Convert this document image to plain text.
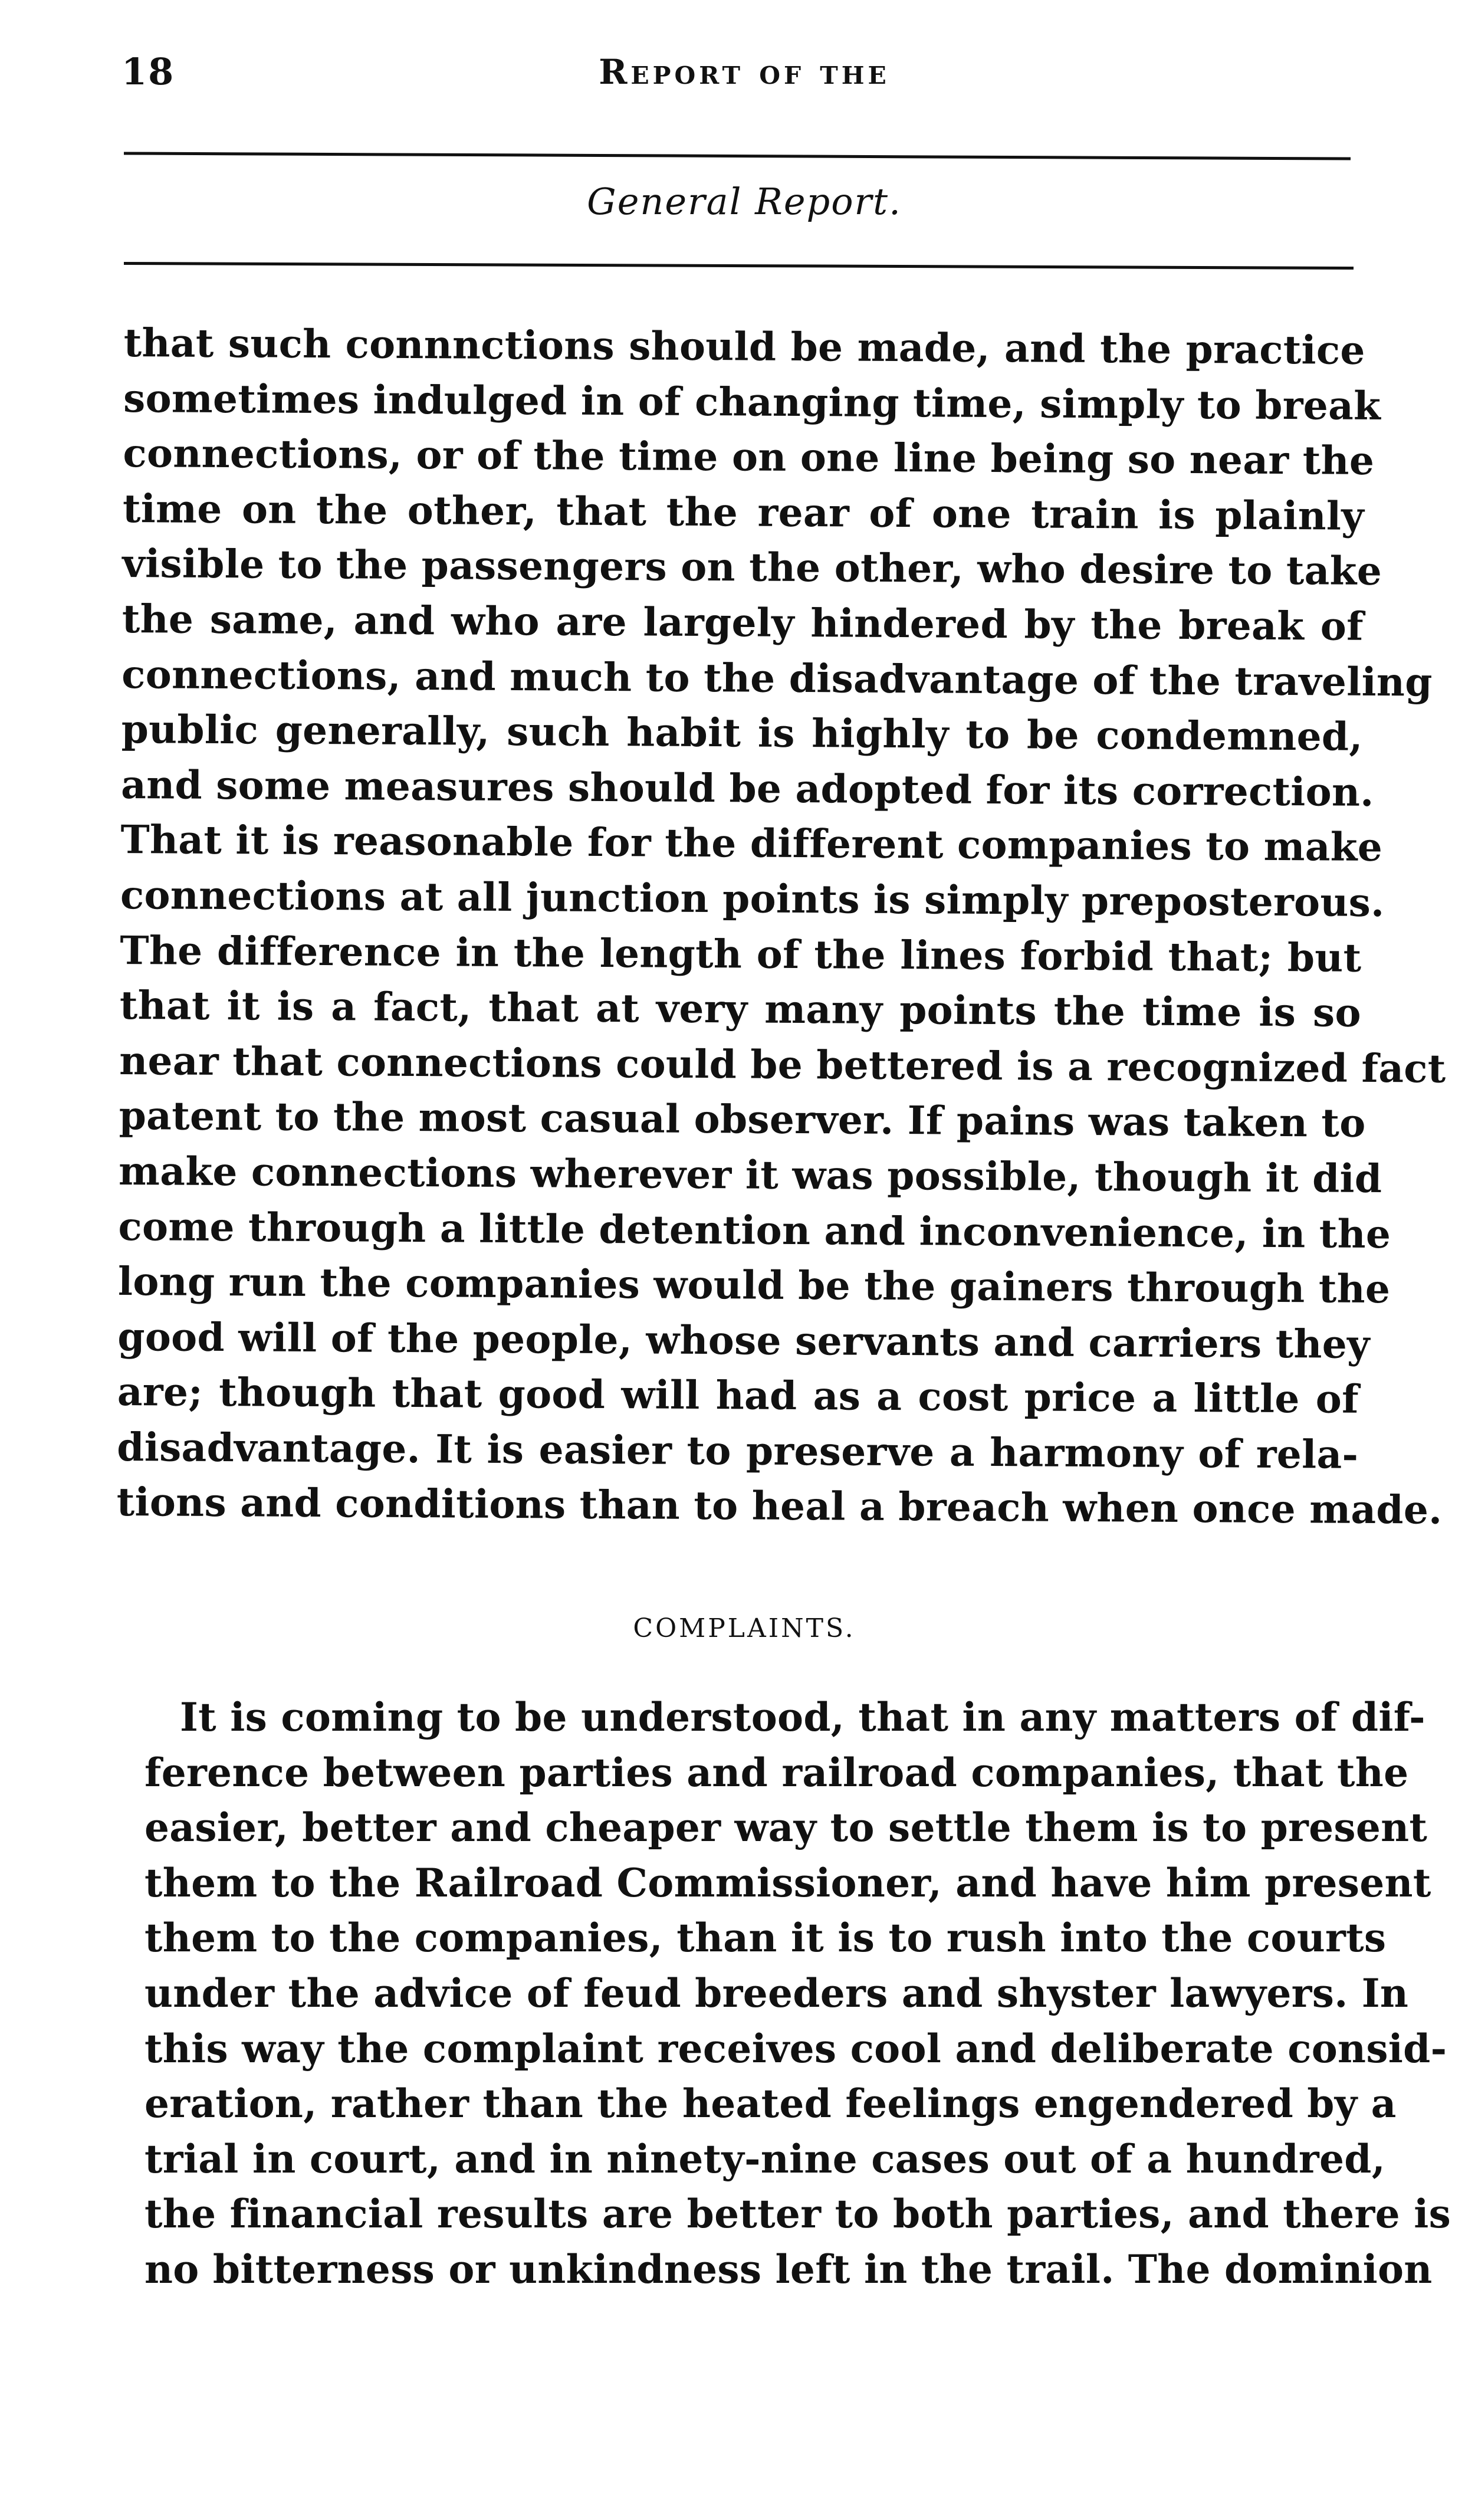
18	Report of the
General Report.
that such connnctions should be made, and the practice
sometimes indulged in of changing time, simply to break
connections, or of the time on one line being so near the
time on the other, that the rear of one train is plainly
visible to the passengers on the other, who desire to take
the same, and who are largely hindered by the break of
connections, and much to the disadvantage of the traveling
public generally, such habit is highly to be condemned,
and some measures should be adopted for its correction.
That it is reasonable for the different companies to make
connections at all junction points is simply preposterous.
The difference in the length of the lines forbid that; but
that it is a fact, that at very many points the time is so
near that connections could be bettered is a recognized fact
patent to the most casual observer. If pains was taken to
make connections wherever it was possible, though it did
come through a little detention and inconvenience, in the
long run the companies would be the gainers through the
good will of the people, whose servants and carriers they
are; though that good will had as a cost price a little of
disadvantage. It is easier to preserve a harmony of rela-
tions and conditions than to heal a breach when once made.
COMPLAINTS.
It is coming to be understood, that in any matters of dif-
ference between parties and railroad companies, that the
easier, better and cheaper way to settle them is to present
them to the Railroad Commissioner, and have him present
them to the companies, than it is to rush into the courts
under the advice of feud breeders and shyster lawyers. In
this way the complaint receives cool and deliberate consid-
eration, rather than the heated feelings engendered by a
trial in court, and in ninety-nine cases out of a hundred,
the financial results are better to both parties, and there is
no bitterness or unkindness left in the trail. The dominion
